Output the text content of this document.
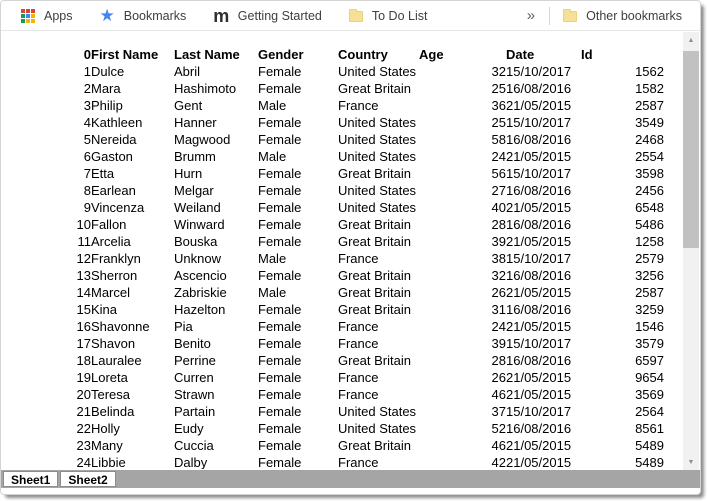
Apps ★ Bookmarks m Getting Started	To Do List	»	Other bookmarks
0	First Name	Last Name	Gender	Country	Age	Date	Id
1	Dulce	Abril	Female	United States	32	15/10/2017	1562
2	Mara	Hashimoto	Female	Great Britain	25	16/08/2016	1582
3	Philip	Gent	Male	France	36	21/05/2015	2587
4	Kathleen	Hanner	Female	United States	25	15/10/2017	3549
5	Nereida	Magwood	Female	United States	58	16/08/2016	2468
6	Gaston	Brumm	Male	United States	24	21/05/2015	2554
7	Etta	Hurn	Female	Great Britain	56	15/10/2017	3598
8	Earlean	Melgar	Female	United States	27	16/08/2016	2456
9	Vincenza	Weiland	Female	United States	40	21/05/2015	6548
10	Fallon	Winward	Female	Great Britain	28	16/08/2016	5486
11	Arcelia	Bouska	Female	Great Britain	39	21/05/2015	1258
12	Franklyn	Unknow	Male	France	38	15/10/2017	2579
13	Sherron	Ascencio	Female	Great Britain	32	16/08/2016	3256
14	Marcel	Zabriskie	Male	Great Britain	26	21/05/2015	2587
15	Kina	Hazelton	Female	Great Britain	31	16/08/2016	3259
16	Shavonne	Pia	Female	France	24	21/05/2015	1546
17	Shavon	Benito	Female	France	39	15/10/2017	3579
18	Lauralee	Perrine	Female	Great Britain	28	16/08/2016	6597
19	Loreta	Curren	Female	France	26	21/05/2015	9654
20	Teresa	Strawn	Female	France	46	21/05/2015	3569
21	Belinda	Partain	Female	United States	37	15/10/2017	2564
22	Holly	Eudy	Female	United States	52	16/08/2016	8561
23	Many	Cuccia	Female	Great Britain	46	21/05/2015	5489
24	Libbie	Dalby	Female	France	42	21/05/2015	5489
▲
▼
Sheet1	Sheet2
